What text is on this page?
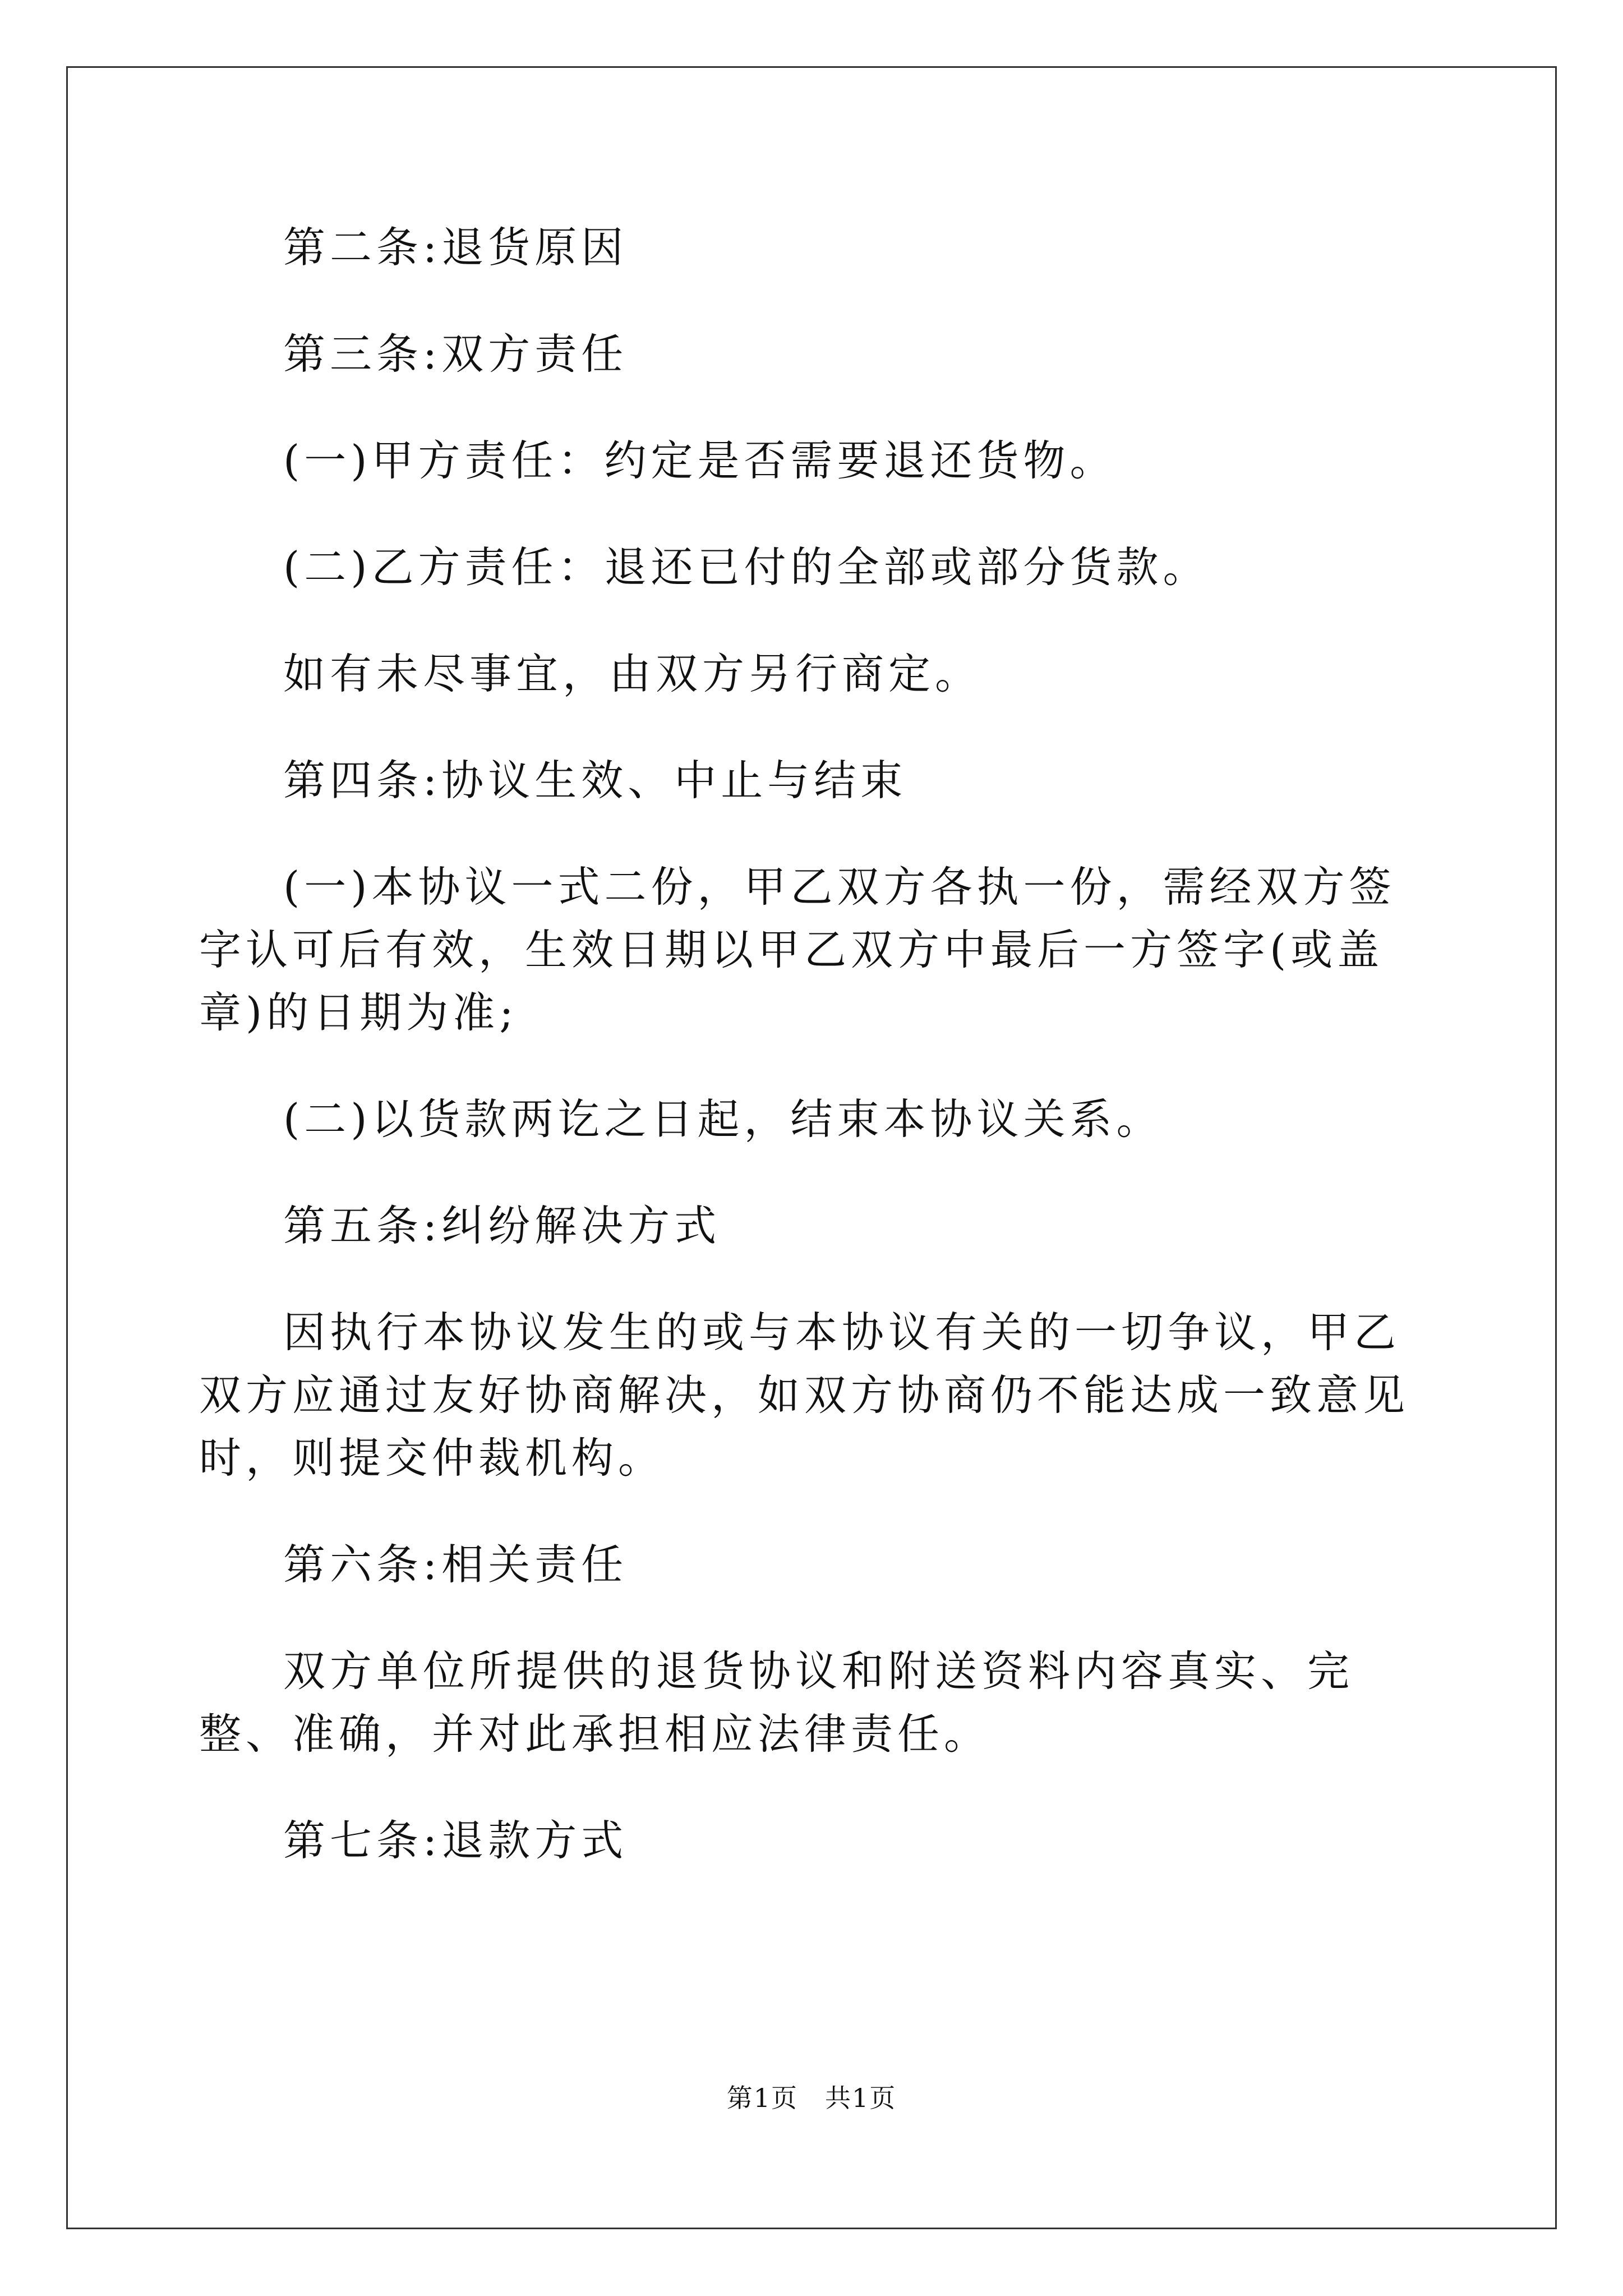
第二条:退货原因

第三条:双方责任

(一)甲方责任：约定是否需要退还货物。

(二)乙方责任：退还已付的全部或部分货款。

如有未尽事宜，由双方另行商定。

第四条:协议生效、中止与结束

(一)本协议一式二份，甲乙双方各执一份，需经双方签字认可后有效，生效日期以甲乙双方中最后一方签字(或盖章)的日期为准;

(二)以货款两讫之日起，结束本协议关系。

第五条:纠纷解决方式

因执行本协议发生的或与本协议有关的一切争议，甲乙双方应通过友好协商解决，如双方协商仍不能达成一致意见时，则提交仲裁机构。

第六条:相关责任

双方单位所提供的退货协议和附送资料内容真实、完整、准确，并对此承担相应法律责任。

第七条:退款方式

第1页　共1页
